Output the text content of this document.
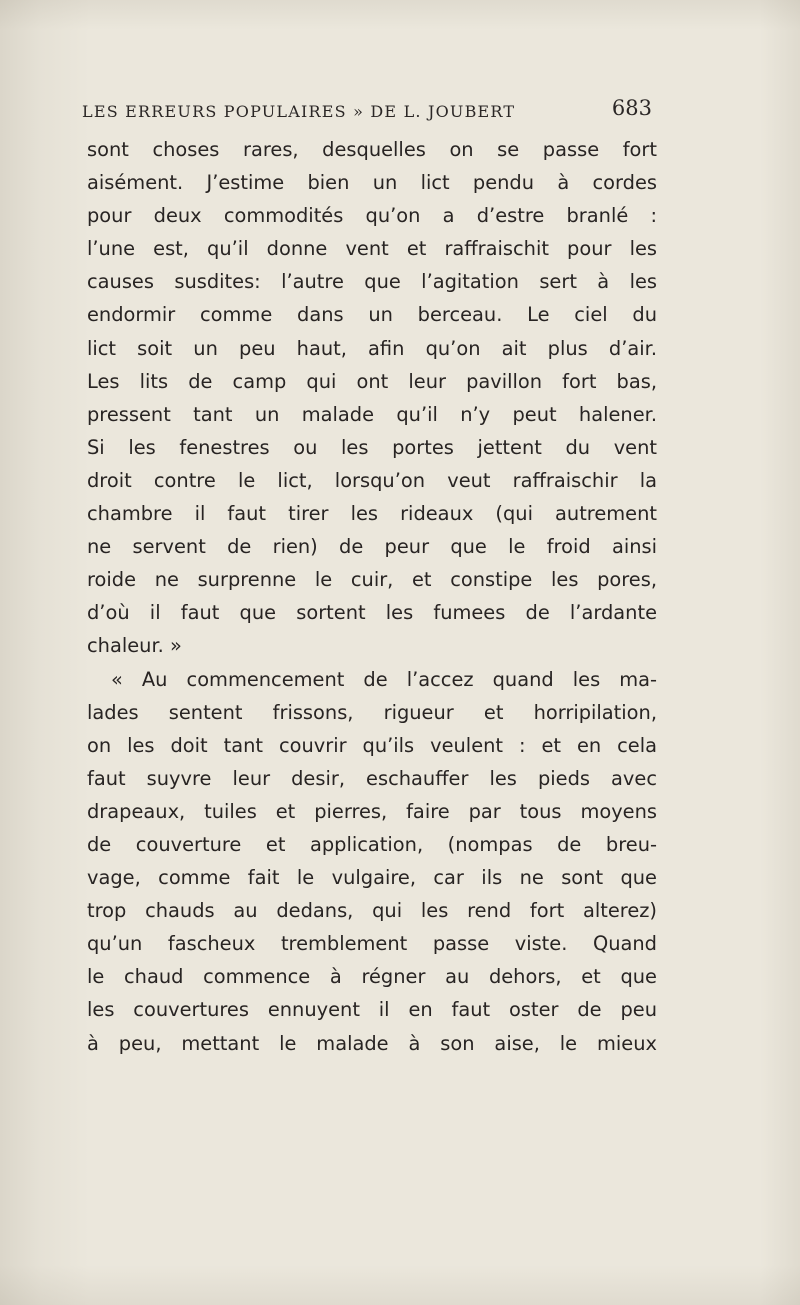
LES ERREURS POPULAIRES » DE L. JOUBERT	683
sont choses rares, desquelles on se passe fort
aisément. J’estime bien un lict pendu à cordes
pour deux commodités qu’on a d’estre branlé :
l’une est, qu’il donne vent et raffraischit pour les
causes susdites: l’autre que l’agitation sert à les
endormir comme dans un berceau. Le ciel du
lict soit un peu haut, afin qu’on ait plus d’air.
Les lits de camp qui ont leur pavillon fort bas,
pressent tant un malade qu’il n’y peut halener.
Si les fenestres ou les portes jettent du vent
droit contre le lict, lorsqu’on veut raffraischir la
chambre il faut tirer les rideaux (qui autrement
ne servent de rien) de peur que le froid ainsi
roide ne surprenne le cuir, et constipe les pores,
d’où il faut que sortent les fumees de l’ardante
chaleur. »
« Au commencement de l’accez quand les ma-
lades sentent frissons, rigueur et horripilation,
on les doit tant couvrir qu’ils veulent : et en cela
faut suyvre leur desir, eschauffer les pieds avec
drapeaux, tuiles et pierres, faire par tous moyens
de couverture et application, (nompas de breu-
vage, comme fait le vulgaire, car ils ne sont que
trop chauds au dedans, qui les rend fort alterez)
qu’un fascheux tremblement passe viste. Quand
le chaud commence à régner au dehors, et que
les couvertures ennuyent il en faut oster de peu
à peu, mettant le malade à son aise, le mieux
